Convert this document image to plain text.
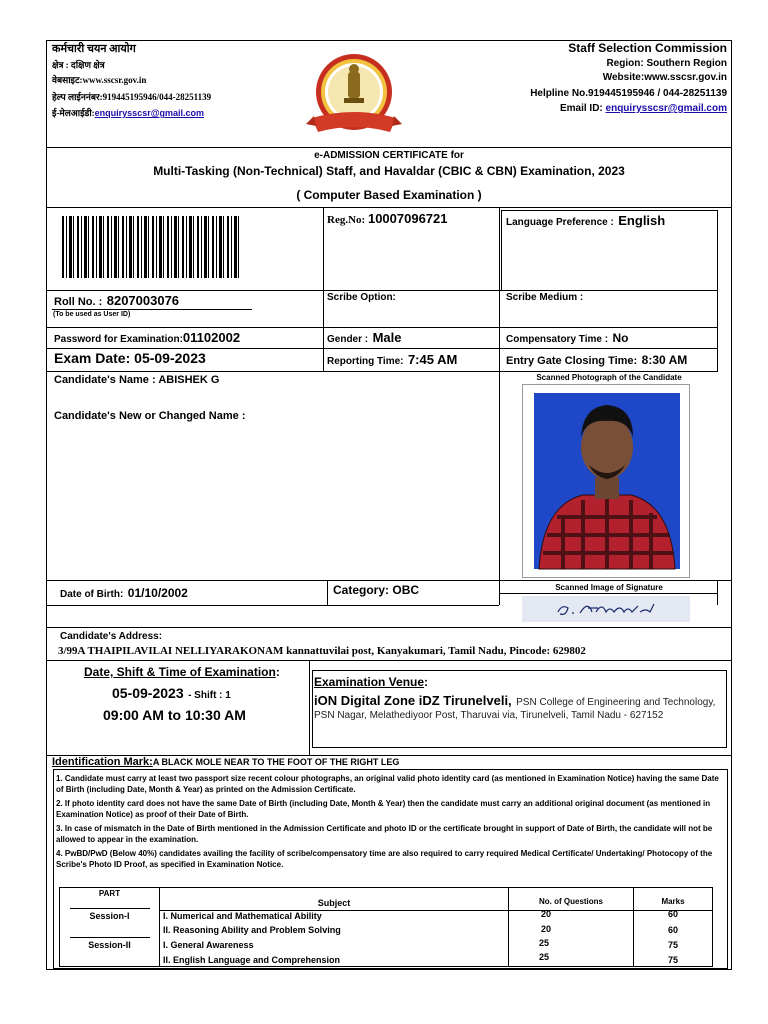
कर्मचारी चयन आयोग
क्षेत्र : दक्षिण क्षेत्र
वेबसाइट:www.sscsr.gov.in
हेल्प लाईननंबर:919445195946/044-28251139
ई-मेलआईडी:enquirysscsr@gmail.com
Staff Selection Commission
Region: Southern Region
Website:www.sscsr.gov.in
Helpline No.919445195946 / 044-28251139
Email ID: enquirysscsr@gmail.com
e-ADMISSION CERTIFICATE for
Multi-Tasking (Non-Technical) Staff, and Havaldar (CBIC & CBN) Examination, 2023
( Computer Based Examination )
Reg.No: 10007096721	Language Preference : English
Roll No. : 8207003076
(To be used as User ID)
Scribe Option:	Scribe Medium :
Password for Examination:01102002	Gender : Male	Compensatory Time : No
Exam Date: 05-09-2023	Reporting Time: 7:45 AM	Entry Gate Closing Time: 8:30 AM
Candidate's Name : ABISHEK G
Candidate's New or Changed Name :
Scanned Photograph of the Candidate
Date of Birth: 01/10/2002	Category: OBC	Scanned Image of Signature
Candidate's Address:
3/99A THAIPILAVILAI NELLIYARAKONAM kannattuvilai post, Kanyakumari, Tamil Nadu, Pincode: 629802
Date, Shift & Time of Examination:
05-09-2023 - Shift : 1
09:00 AM to 10:30 AM
Examination Venue:
iON Digital Zone iDZ Tirunelveli, PSN College of Engineering and Technology,
PSN Nagar, Melathediyoor Post, Tharuvai via, Tirunelveli, Tamil Nadu - 627152
Identification Mark:A BLACK MOLE NEAR TO THE FOOT OF THE RIGHT LEG
1. Candidate must carry at least two passport size recent colour photographs, an original valid photo identity card (as mentioned in Examination Notice) having the same Date of Birth (including Date, Month & Year) as printed on the Admission Certificate.
2. If photo identity card does not have the same Date of Birth (including Date, Month & Year) then the candidate must carry an additional original document (as mentioned in Examination Notice) as proof of their Date of Birth.
3. In case of mismatch in the Date of Birth mentioned in the Admission Certificate and photo ID or the certificate brought in support of Date of Birth, the candidate will not be allowed to appear in the examination.
4. PwBD/PwD (Below 40%) candidates availing the facility of scribe/compensatory time are also required to carry required Medical Certificate/ Undertaking/ Photocopy of the Scribe's Photo ID Proof, as specified in Examination Notice.
PART
Subject	No. of Questions	Marks
Session-I	I. Numerical and Mathematical Ability	20	60
II. Reasoning Ability and Problem Solving	20	60
Session-II	I. General Awareness	25	75
II. English Language and Comprehension	25	75
